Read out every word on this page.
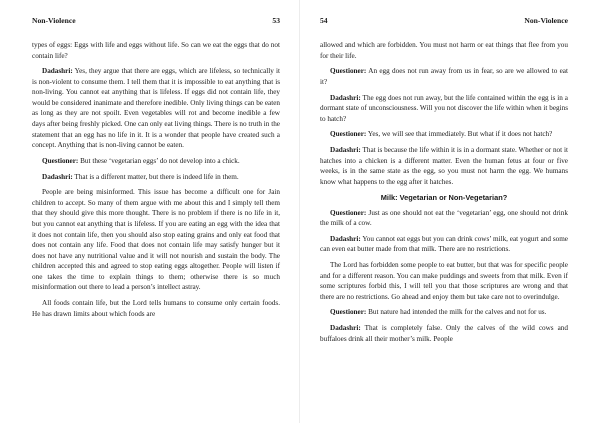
Non-Violence	53

types of eggs: Eggs with life and eggs without life. So can we eat the eggs that do not contain life?

Dadashri: Yes, they argue that there are eggs, which are lifeless, so technically it is non-violent to consume them. I tell them that it is impossible to eat anything that is non-living. You cannot eat anything that is lifeless. If eggs did not contain life, they would be considered inanimate and therefore inedible. Only living things can be eaten as long as they are not spoilt. Even vegetables will rot and become inedible a few days after being freshly picked. One can only eat living things. There is no truth in the statement that an egg has no life in it. It is a wonder that people have created such a concept. Anything that is non-living cannot be eaten.

Questioner: But these ‘vegetarian eggs’ do not develop into a chick.

Dadashri: That is a different matter, but there is indeed life in them.

People are being misinformed. This issue has become a difficult one for Jain children to accept. So many of them argue with me about this and I simply tell them that they should give this more thought. There is no problem if there is no life in it, but you cannot eat anything that is lifeless. If you are eating an egg with the idea that it does not contain life, then you should also stop eating grains and only eat food that does not contain any life. Food that does not contain life may satisfy hunger but it does not have any nutritional value and it will not nourish and sustain the body. The children accepted this and agreed to stop eating eggs altogether. People will listen if one takes the time to explain things to them; otherwise there is so much misinformation out there to lead a person’s intellect astray.

All foods contain life, but the Lord tells humans to consume only certain foods. He has drawn limits about which foods are

54	Non-Violence

allowed and which are forbidden. You must not harm or eat things that flee from you for their life.

Questioner: An egg does not run away from us in fear, so are we allowed to eat it?

Dadashri: The egg does not run away, but the life contained within the egg is in a dormant state of unconsciousness. Will you not discover the life within when it begins to hatch?

Questioner: Yes, we will see that immediately. But what if it does not hatch?

Dadashri: That is because the life within it is in a dormant state. Whether or not it hatches into a chicken is a different matter. Even the human fetus at four or five weeks, is in the same state as the egg, so you must not harm the egg. We humans know what happens to the egg after it hatches.

Milk: Vegetarian or Non-Vegetarian?

Questioner: Just as one should not eat the ‘vegetarian’ egg, one should not drink the milk of a cow.

Dadashri: You cannot eat eggs but you can drink cows’ milk, eat yogurt and some can even eat butter made from that milk. There are no restrictions.

The Lord has forbidden some people to eat butter, but that was for specific people and for a different reason. You can make puddings and sweets from that milk. Even if some scriptures forbid this, I will tell you that those scriptures are wrong and that there are no restrictions. Go ahead and enjoy them but take care not to overindulge.

Questioner: But nature had intended the milk for the calves and not for us.

Dadashri: That is completely false. Only the calves of the wild cows and buffaloes drink all their mother’s milk. People
